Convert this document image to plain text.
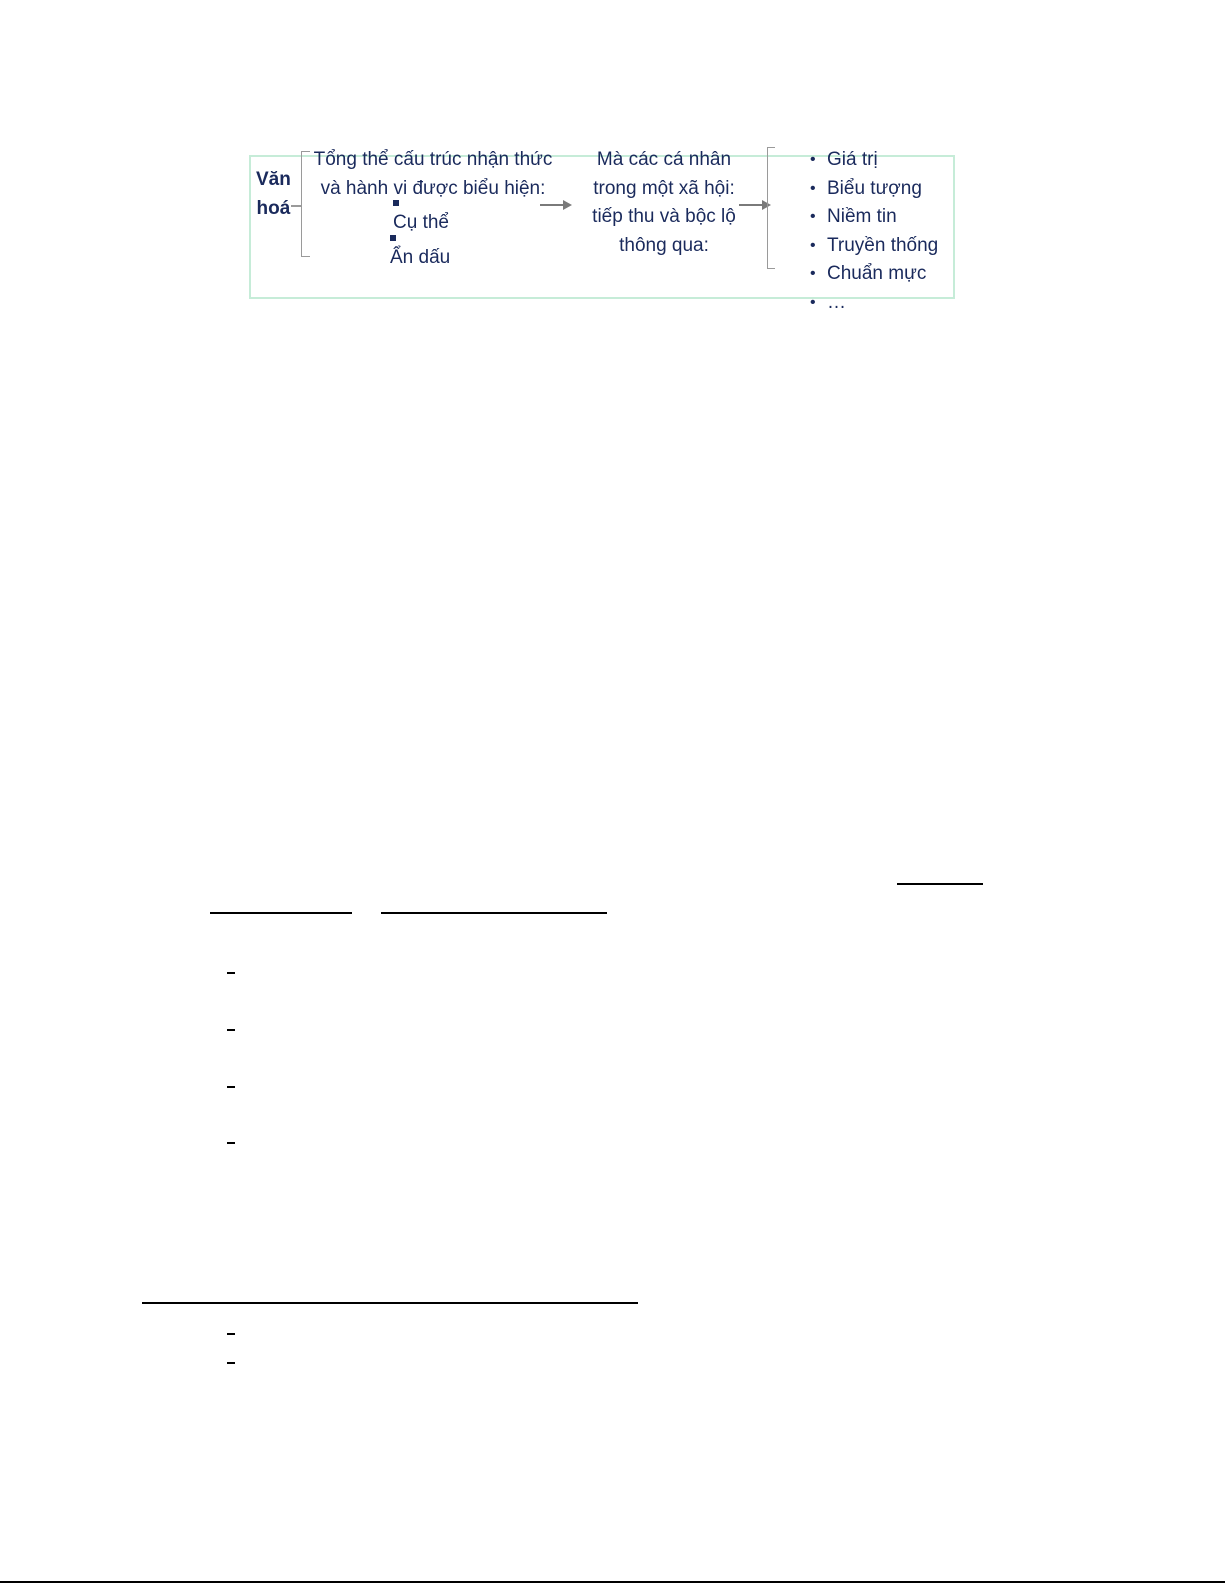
Văn
hoá
Tổng thể cấu trúc nhận thức
và hành vi được biểu hiện:
Cụ thể
Ẩn dấu
Mà các cá nhân
trong một xã hội:
tiếp thu và bộc lộ
thông qua:
• Giá trị
• Biểu tượng
• Niềm tin
• Truyền thống
• Chuẩn mực
• …
